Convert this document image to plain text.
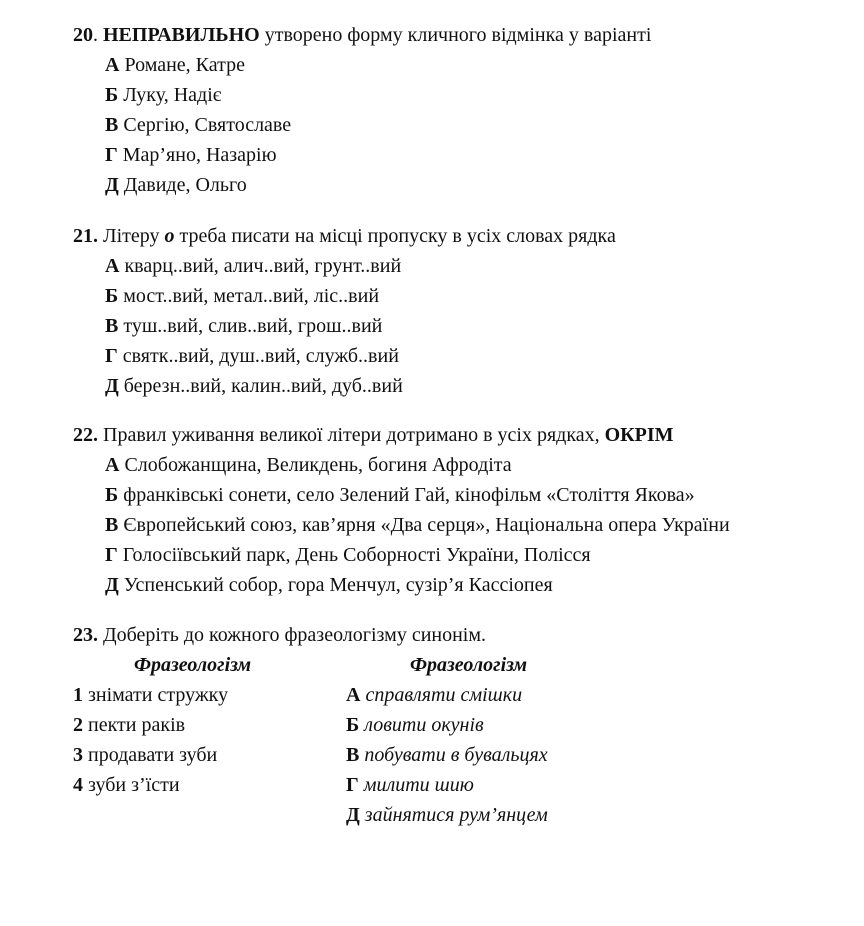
20. НЕПРАВИЛЬНО утворено форму кличного відмінка у варіанті
А Романе, Катре
Б Луку, Надіє
В Сергію, Святославе
Г Мар’яно, Назарію
Д Давиде, Ольго
21. Літеру о треба писати на місці пропуску в усіх словах рядка
А кварц..вий, алич..вий, грунт..вий
Б мост..вий, метал..вий, ліс..вий
В туш..вий, слив..вий, грош..вий
Г святк..вий, душ..вий, служб..вий
Д березн..вий, калин..вий, дуб..вий
22. Правил уживання великої літери дотримано в усіх рядках, ОКРІМ
А Слобожанщина, Великдень, богиня Афродіта
Б франківські сонети, село Зелений Гай, кінофільм «Століття Якова»
В Європейський союз, кав’ярня «Два серця», Національна опера України
Г Голосіївський парк, День Соборності України, Полісся
Д Успенський собор, гора Менчул, сузір’я Кассіопея
23. Доберіть до кожного фразеологізму синонім.
Фразеологізм	Фразеологізм
1 знімати стружку
2 пекти раків
3 продавати зуби
4 зуби з’їсти
А справляти смішки
Б ловити окунів
В побувати в бувальцях
Г милити шию
Д зайнятися рум’янцем
